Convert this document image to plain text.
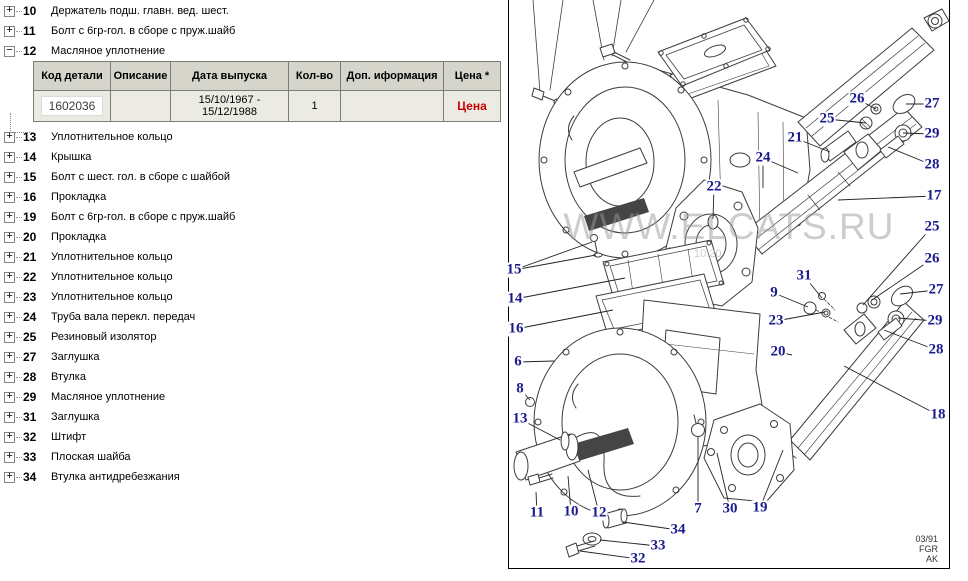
+ 10	Держатель подш. главн. вед. шест.
+ 11	Болт с 6гр-гол. в сборе с пруж.шайб
− 12	Масляное уплотнение
Код детали	Описание	Дата выпуска	Кол-во	Доп. иформация	Цена *
1602036		15/10/1967 -
15/12/1988	1		Цена
+ 13	Уплотнительное кольцо
+ 14	Крышка
+ 15	Болт с шест. гол. в сборе с шайбой
+ 16	Прокладка
+ 19	Болт с 6гр-гол. в сборе с пруж.шайб
+ 20	Прокладка
+ 21	Уплотнительное кольцо
+ 22	Уплотнительное кольцо
+ 23	Уплотнительное кольцо
+ 24	Труба вала перекл. передач
+ 25	Резиновый изолятор
+ 27	Заглушка
+ 28	Втулка
+ 29	Масляное уплотнение
+ 31	Заглушка
+ 32	Штифт
+ 33	Плоская шайба
+ 34	Втулка антидребезжания
WWW.ELCATS.RU
10.20
03/91
FGR
AK
15
14
16
6
8
13
11 10 12	7 30 19
34
33
32
22
24
21
25
26	27
29
28
17
25
26
27
29
28
18
31
9
23
20
